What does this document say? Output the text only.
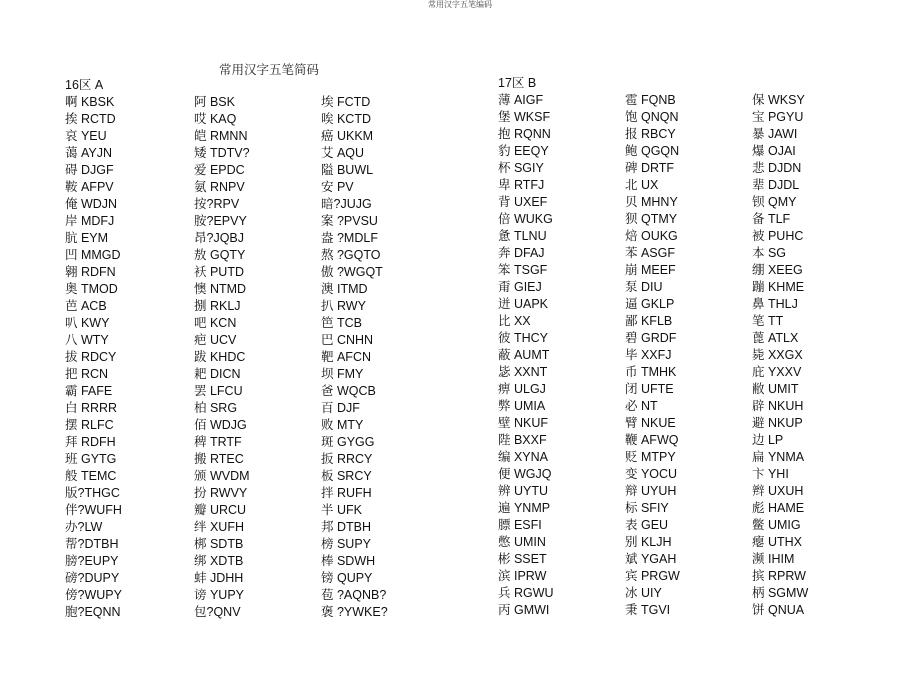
常用汉字五笔编码
常用汉字五笔简码
16区 A	17区 B
啊 KBSK
挨 RCTD
哀 YEU
蔼 AYJN
碍 DJGF
鞍 AFPV
俺 WDJN
岸 MDFJ
肮 EYM
凹 MMGD
翱 RDFN
奥 TMOD
芭 ACB
叭 KWY
八 WTY
拔 RDCY
把 RCN
霸 FAFE
白 RRRR
摆 RLFC
拜 RDFH
班 GYTG
般 TEMC
版?THGC
伴?WUFH
办?LW
帮?DTBH
膀?EUPY
磅?DUPY
傍?WUPY
胞?EQNN
阿 BSK
哎 KAQ
皑 RMNN
矮 TDTV?
爱 EPDC
氨 RNPV
按?RPV
胺?EPVY
昂?JQBJ
敖 GQTY
袄 PUTD
懊 NTMD
捌 RKLJ
吧 KCN
疤 UCV
跋 KHDC
耙 DICN
罢 LFCU
柏 SRG
佰 WDJG
稗 TRTF
搬 RTEC
颁 WVDM
扮 RWVY
瓣 URCU
绊 XUFH
梆 SDTB
绑 XDTB
蚌 JDHH
谤 YUPY
包?QNV
埃 FCTD
唉 KCTD
癌 UKKM
艾 AQU
隘 BUWL
安 PV
暗?JUJG
案 ?PVSU
盎 ?MDLF
熬 ?GQTO
傲 ?WGQT
澳 ITMD
扒 RWY
笆 TCB
巴 CNHN
靶 AFCN
坝 FMY
爸 WQCB
百 DJF
败 MTY
斑 GYGG
扳 RRCY
板 SRCY
拌 RUFH
半 UFK
邦 DTBH
榜 SUPY
棒 SDWH
镑 QUPY
苞 ?AQNB?
褒 ?YWKE?
薄 AIGF
堡 WKSF
抱 RQNN
豹 EEQY
杯 SGIY
卑 RTFJ
背 UXEF
倍 WUKG
惫 TLNU
奔 DFAJ
笨 TSGF
甭 GIEJ
迸 UAPK
比 XX
彼 THCY
蔽 AUMT
毖 XXNT
痹 ULGJ
弊 UMIA
壁 NKUF
陛 BXXF
编 XYNA
便 WGJQ
辨 UYTU
遍 YNMP
膘 ESFI
憋 UMIN
彬 SSET
滨 IPRW
兵 RGWU
丙 GMWI
雹 FQNB
饱 QNQN
报 RBCY
鲍 QGQN
碑 DRTF
北 UX
贝 MHNY
狈 QTMY
焙 OUKG
苯 ASGF
崩 MEEF
泵 DIU
逼 GKLP
鄙 KFLB
碧 GRDF
毕 XXFJ
币 TMHK
闭 UFTE
必 NT
臂 NKUE
鞭 AFWQ
贬 MTPY
变 YOCU
辩 UYUH
标 SFIY
表 GEU
别 KLJH
斌 YGAH
宾 PRGW
冰 UIY
秉 TGVI
保 WKSY
宝 PGYU
暴 JAWI
爆 OJAI
悲 DJDN
辈 DJDL
钡 QMY
备 TLF
被 PUHC
本 SG
绷 XEEG
蹦 KHME
鼻 THLJ
笔 TT
蓖 ATLX
毙 XXGX
庇 YXXV
敝 UMIT
辟 NKUH
避 NKUP
边 LP
扁 YNMA
卞 YHI
辫 UXUH
彪 HAME
鳖 UMIG
瘪 UTHX
濒 IHIM
摈 RPRW
柄 SGMW
饼 QNUA
